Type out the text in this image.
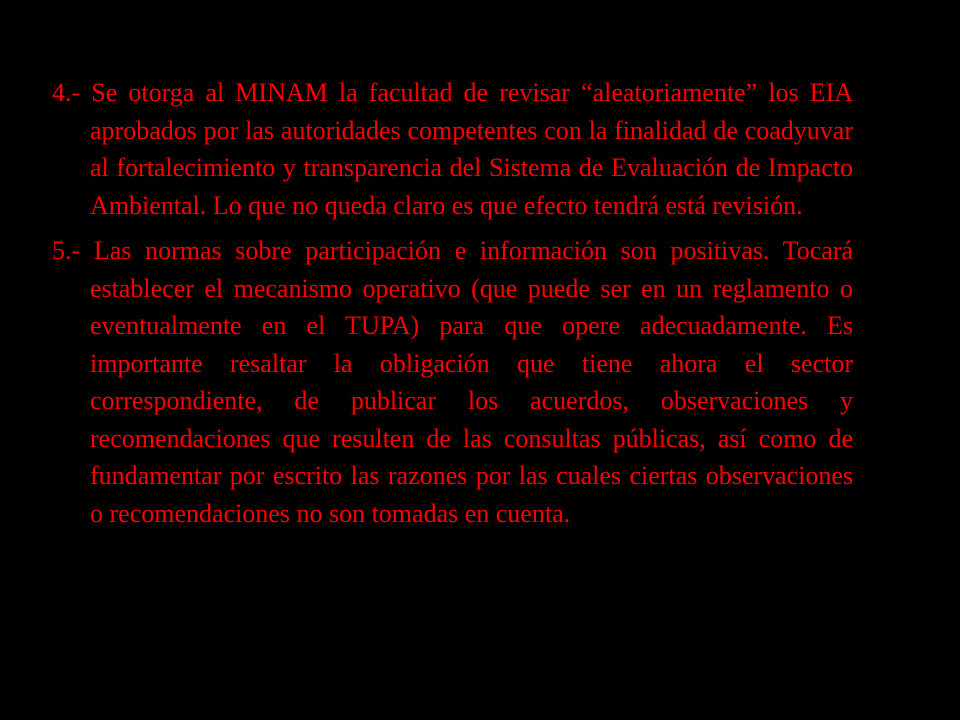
4.- Se otorga al MINAM la facultad de revisar “aleatoriamente” los EIA aprobados por las autoridades competentes con la finalidad de coadyuvar al fortalecimiento y transparencia del Sistema de Evaluación de Impacto Ambiental. Lo que no queda claro es que efecto tendrá está revisión.

5.- Las normas sobre participación e información son positivas. Tocará establecer el mecanismo operativo (que puede ser en un reglamento o eventualmente en el TUPA) para que opere adecuadamente. Es importante resaltar la obligación que tiene ahora el sector correspondiente, de publicar los acuerdos, observaciones y recomendaciones que resulten de las consultas públicas, así como de fundamentar por escrito las razones por las cuales ciertas observaciones o recomendaciones no son tomadas en cuenta.
